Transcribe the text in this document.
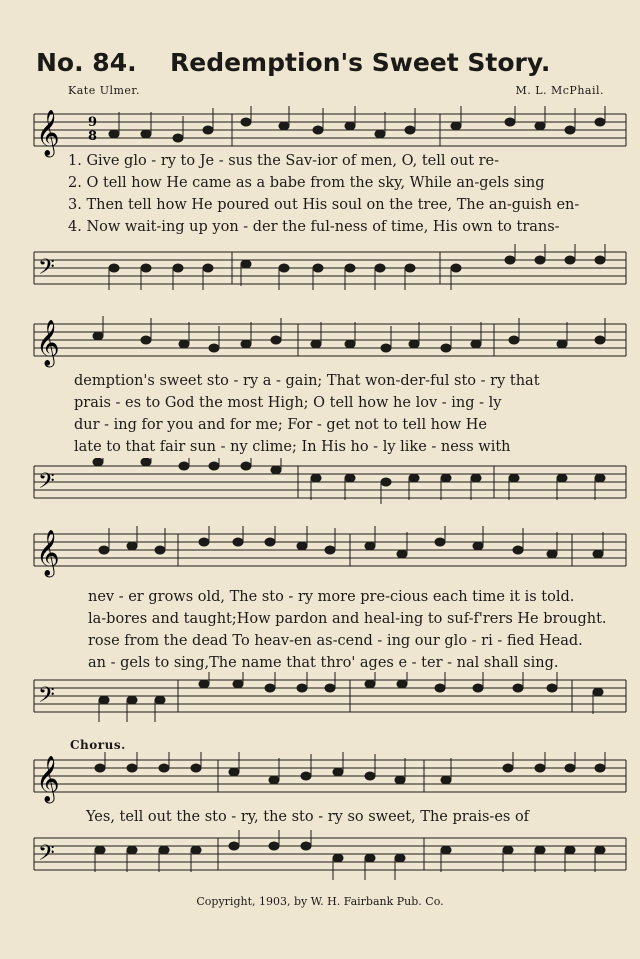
No. 84. Redemption's Sweet Story.
Kate Ulmer.	M. L. McPhail.
𝄞 9
8
1. Give glo - ry to Je - sus the Sav-ior of men, O, tell out re-
2. O tell how He came as a babe from the sky, While an-gels sing
3. Then tell how He poured out His soul on the tree, The an-guish en-
4. Now wait-ing up yon - der the ful-ness of time, His own to trans-
𝄢
𝄞
demption's sweet sto - ry a - gain; That won-der-ful sto - ry that
prais - es to God the most High; O tell how he lov - ing - ly
dur - ing for you and for me; For - get not to tell how He
late to that fair sun - ny clime; In His ho - ly like - ness with
𝄢
𝄞
nev - er grows old, The sto - ry more pre-cious each time it is told.
la-bores and taught;How pardon and heal-ing to suf-f'rers He brought.
rose from the dead To heav-en as-cend - ing our glo - ri - fied Head.
an - gels to sing,The name that thro' ages e - ter - nal shall sing.
𝄢
Chorus.
𝄞
Yes, tell out the sto - ry, the sto - ry so sweet, The prais-es of
𝄢
Copyright, 1903, by W. H. Fairbank Pub. Co.
